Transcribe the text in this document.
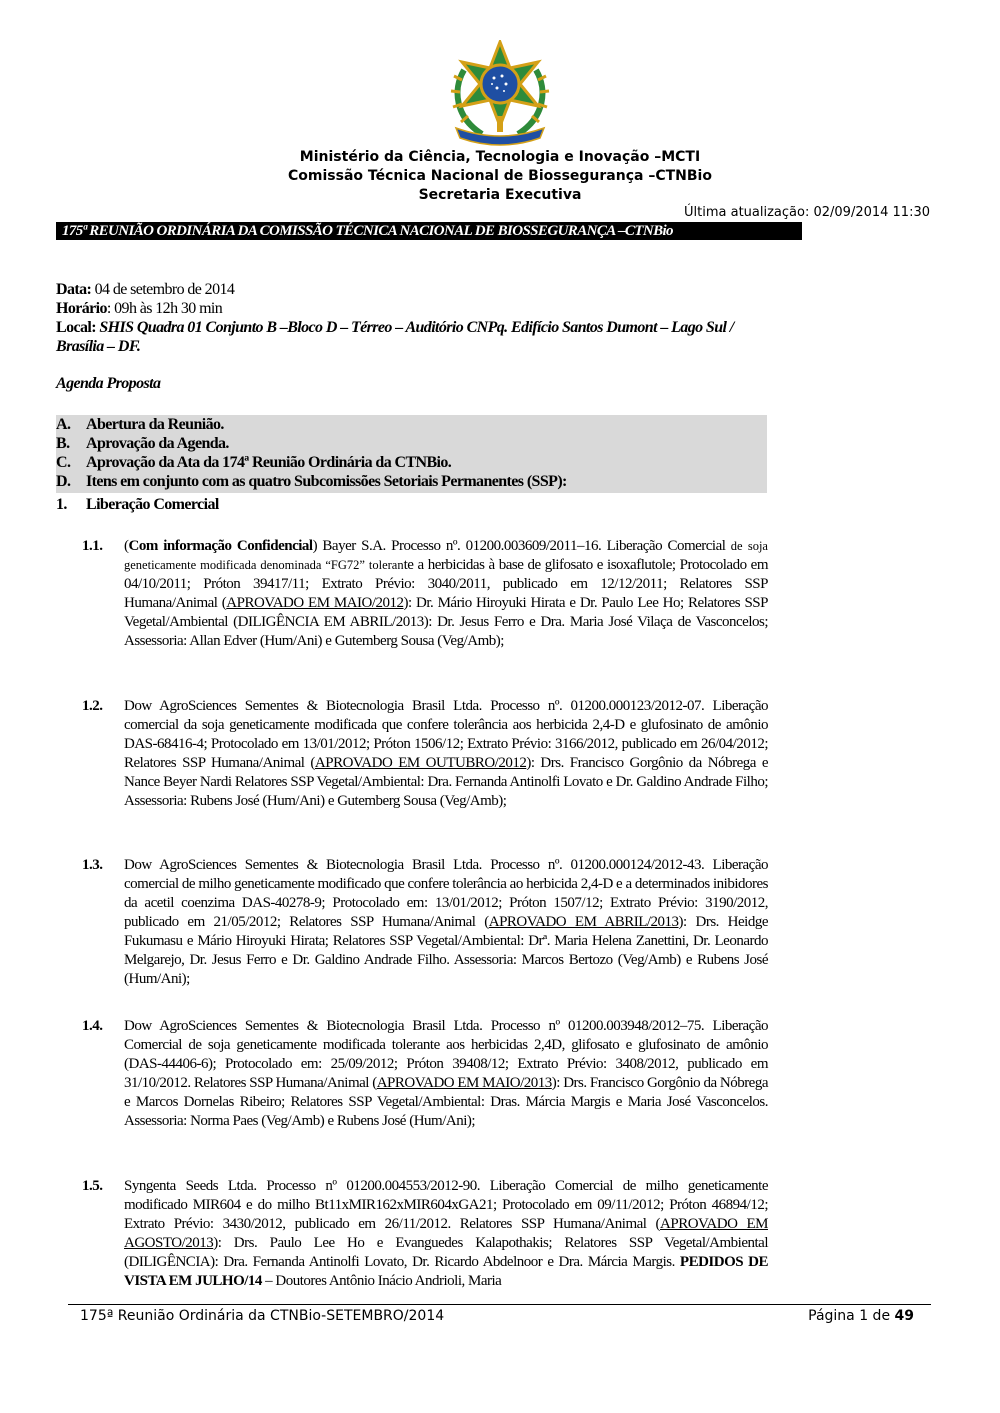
Ministério da Ciência, Tecnologia e Inovação –MCTI
Comissão Técnica Nacional de Biossegurança –CTNBio
Secretaria Executiva
Última atualização: 02/09/2014 11:30
175ª REUNIÃO ORDINÁRIA DA COMISSÃO TÉCNICA NACIONAL DE BIOSSEGURANÇA –CTNBio
Data: 04 de setembro de 2014
Horário: 09h às 12h 30 min
Local: SHIS Quadra 01 Conjunto B –Bloco D – Térreo – Auditório CNPq. Edifício Santos Dumont – Lago Sul / Brasília – DF.
Agenda Proposta
A. Abertura da Reunião.
B. Aprovação da Agenda.
C. Aprovação da Ata da 174ª Reunião Ordinária da CTNBio.
D. Itens em conjunto com as quatro Subcomissões Setoriais Permanentes (SSP):
1. Liberação Comercial
1.1. (Com informação Confidencial) Bayer S.A. Processo nº. 01200.003609/2011–16. Liberação Comercial de soja geneticamente modificada denominada “FG72” tolerante a herbicidas à base de glifosato e isoxaflutole; Protocolado em 04/10/2011; Próton 39417/11; Extrato Prévio: 3040/2011, publicado em 12/12/2011; Relatores SSP Humana/Animal (APROVADO EM MAIO/2012): Dr. Mário Hiroyuki Hirata e Dr. Paulo Lee Ho; Relatores SSP Vegetal/Ambiental (DILIGÊNCIA EM ABRIL/2013): Dr. Jesus Ferro e Dra. Maria José Vilaça de Vasconcelos; Assessoria: Allan Edver (Hum/Ani) e Gutemberg Sousa (Veg/Amb);
1.2. Dow AgroSciences Sementes & Biotecnologia Brasil Ltda. Processo nº. 01200.000123/2012-07. Liberação comercial da soja geneticamente modificada que confere tolerância aos herbicida 2,4-D e glufosinato de amônio DAS-68416-4; Protocolado em 13/01/2012; Próton 1506/12; Extrato Prévio: 3166/2012, publicado em 26/04/2012; Relatores SSP Humana/Animal (APROVADO EM OUTUBRO/2012): Drs. Francisco Gorgônio da Nóbrega e Nance Beyer Nardi Relatores SSP Vegetal/Ambiental: Dra. Fernanda Antinolfi Lovato e Dr. Galdino Andrade Filho; Assessoria: Rubens José (Hum/Ani) e Gutemberg Sousa (Veg/Amb);
1.3. Dow AgroSciences Sementes & Biotecnologia Brasil Ltda. Processo nº. 01200.000124/2012-43. Liberação comercial de milho geneticamente modificado que confere tolerância ao herbicida 2,4-D e a determinados inibidores da acetil coenzima DAS-40278-9; Protocolado em: 13/01/2012; Próton 1507/12; Extrato Prévio: 3190/2012, publicado em 21/05/2012; Relatores SSP Humana/Animal (APROVADO EM ABRIL/2013): Drs. Heidge Fukumasu e Mário Hiroyuki Hirata; Relatores SSP Vegetal/Ambiental: Drª. Maria Helena Zanettini, Dr. Leonardo Melgarejo, Dr. Jesus Ferro e Dr. Galdino Andrade Filho. Assessoria: Marcos Bertozo (Veg/Amb) e Rubens José (Hum/Ani);
1.4. Dow AgroSciences Sementes & Biotecnologia Brasil Ltda. Processo nº 01200.003948/2012–75. Liberação Comercial de soja geneticamente modificada tolerante aos herbicidas 2,4D, glifosato e glufosinato de amônio (DAS-44406-6); Protocolado em: 25/09/2012; Próton 39408/12; Extrato Prévio: 3408/2012, publicado em 31/10/2012. Relatores SSP Humana/Animal (APROVADO EM MAIO/2013): Drs. Francisco Gorgônio da Nóbrega e Marcos Dornelas Ribeiro; Relatores SSP Vegetal/Ambiental: Dras. Márcia Margis e Maria José Vasconcelos. Assessoria: Norma Paes (Veg/Amb) e Rubens José (Hum/Ani);
1.5. Syngenta Seeds Ltda. Processo nº 01200.004553/2012-90. Liberação Comercial de milho geneticamente modificado MIR604 e do milho Bt11xMIR162xMIR604xGA21; Protocolado em 09/11/2012; Próton 46894/12; Extrato Prévio: 3430/2012, publicado em 26/11/2012. Relatores SSP Humana/Animal (APROVADO EM AGOSTO/2013): Drs. Paulo Lee Ho e Evanguedes Kalapothakis; Relatores SSP Vegetal/Ambiental (DILIGÊNCIA): Dra. Fernanda Antinolfi Lovato, Dr. Ricardo Abdelnoor e Dra. Márcia Margis. PEDIDOS DE VISTA EM JULHO/14 – Doutores Antônio Inácio Andrioli, Maria
175ª Reunião Ordinária da CTNBio-SETEMBRO/2014	Página 1 de 49
